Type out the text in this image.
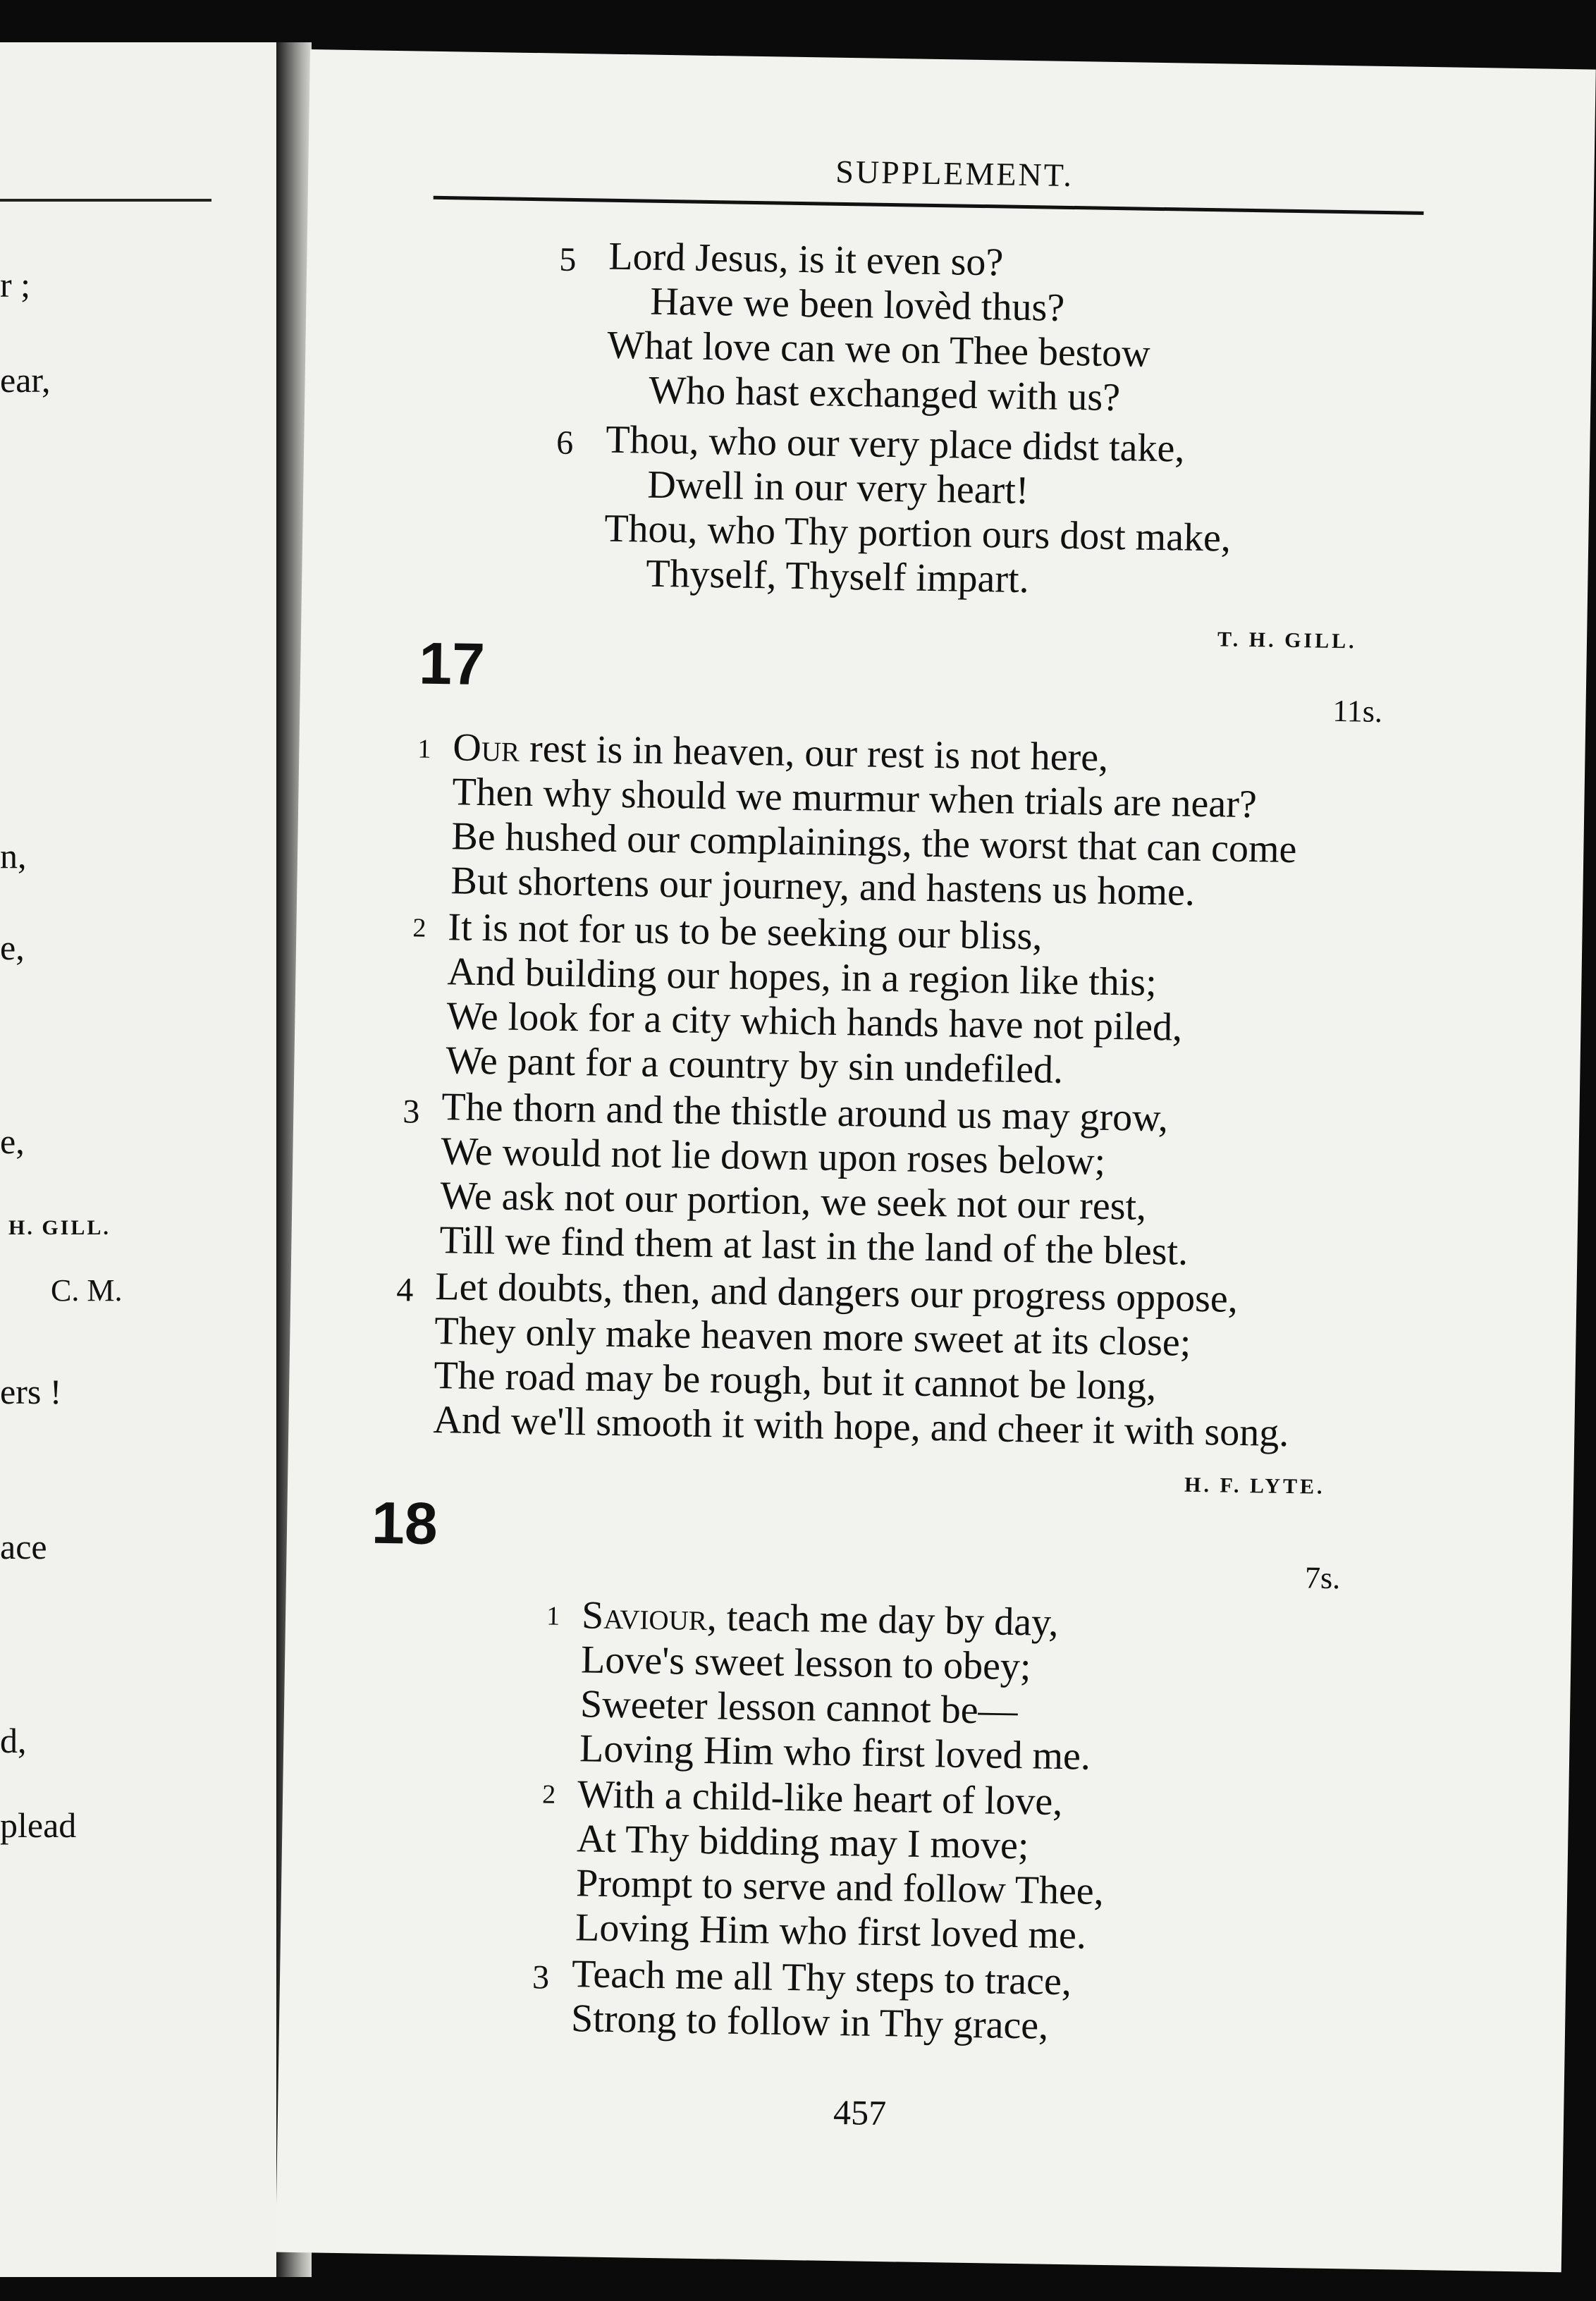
r ;
ear,
n,
e,
e,
H. GILL.
C. M.
ers !
ace
d,
plead
SUPPLEMENT.
5 Lord Jesus, is it even so?
Have we been lovèd thus?
What love can we on Thee bestow
Who hast exchanged with us?
6 Thou, who our very place didst take,
Dwell in our very heart!
Thou, who Thy portion ours dost make,
Thyself, Thyself impart.
T. H. GILL.
17
11s.
1 Our rest is in heaven, our rest is not here,
Then why should we murmur when trials are near?
Be hushed our complainings, the worst that can come
But shortens our journey, and hastens us home.
2 It is not for us to be seeking our bliss,
And building our hopes, in a region like this;
We look for a city which hands have not piled,
We pant for a country by sin undefiled.
3 The thorn and the thistle around us may grow,
We would not lie down upon roses below;
We ask not our portion, we seek not our rest,
Till we find them at last in the land of the blest.
4 Let doubts, then, and dangers our progress oppose,
They only make heaven more sweet at its close;
The road may be rough, but it cannot be long,
And we'll smooth it with hope, and cheer it with song.
H. F. LYTE.
18
7s.
1 Saviour, teach me day by day,
Love's sweet lesson to obey;
Sweeter lesson cannot be—
Loving Him who first loved me.
2 With a child-like heart of love,
At Thy bidding may I move;
Prompt to serve and follow Thee,
Loving Him who first loved me.
3 Teach me all Thy steps to trace,
Strong to follow in Thy grace,
457
